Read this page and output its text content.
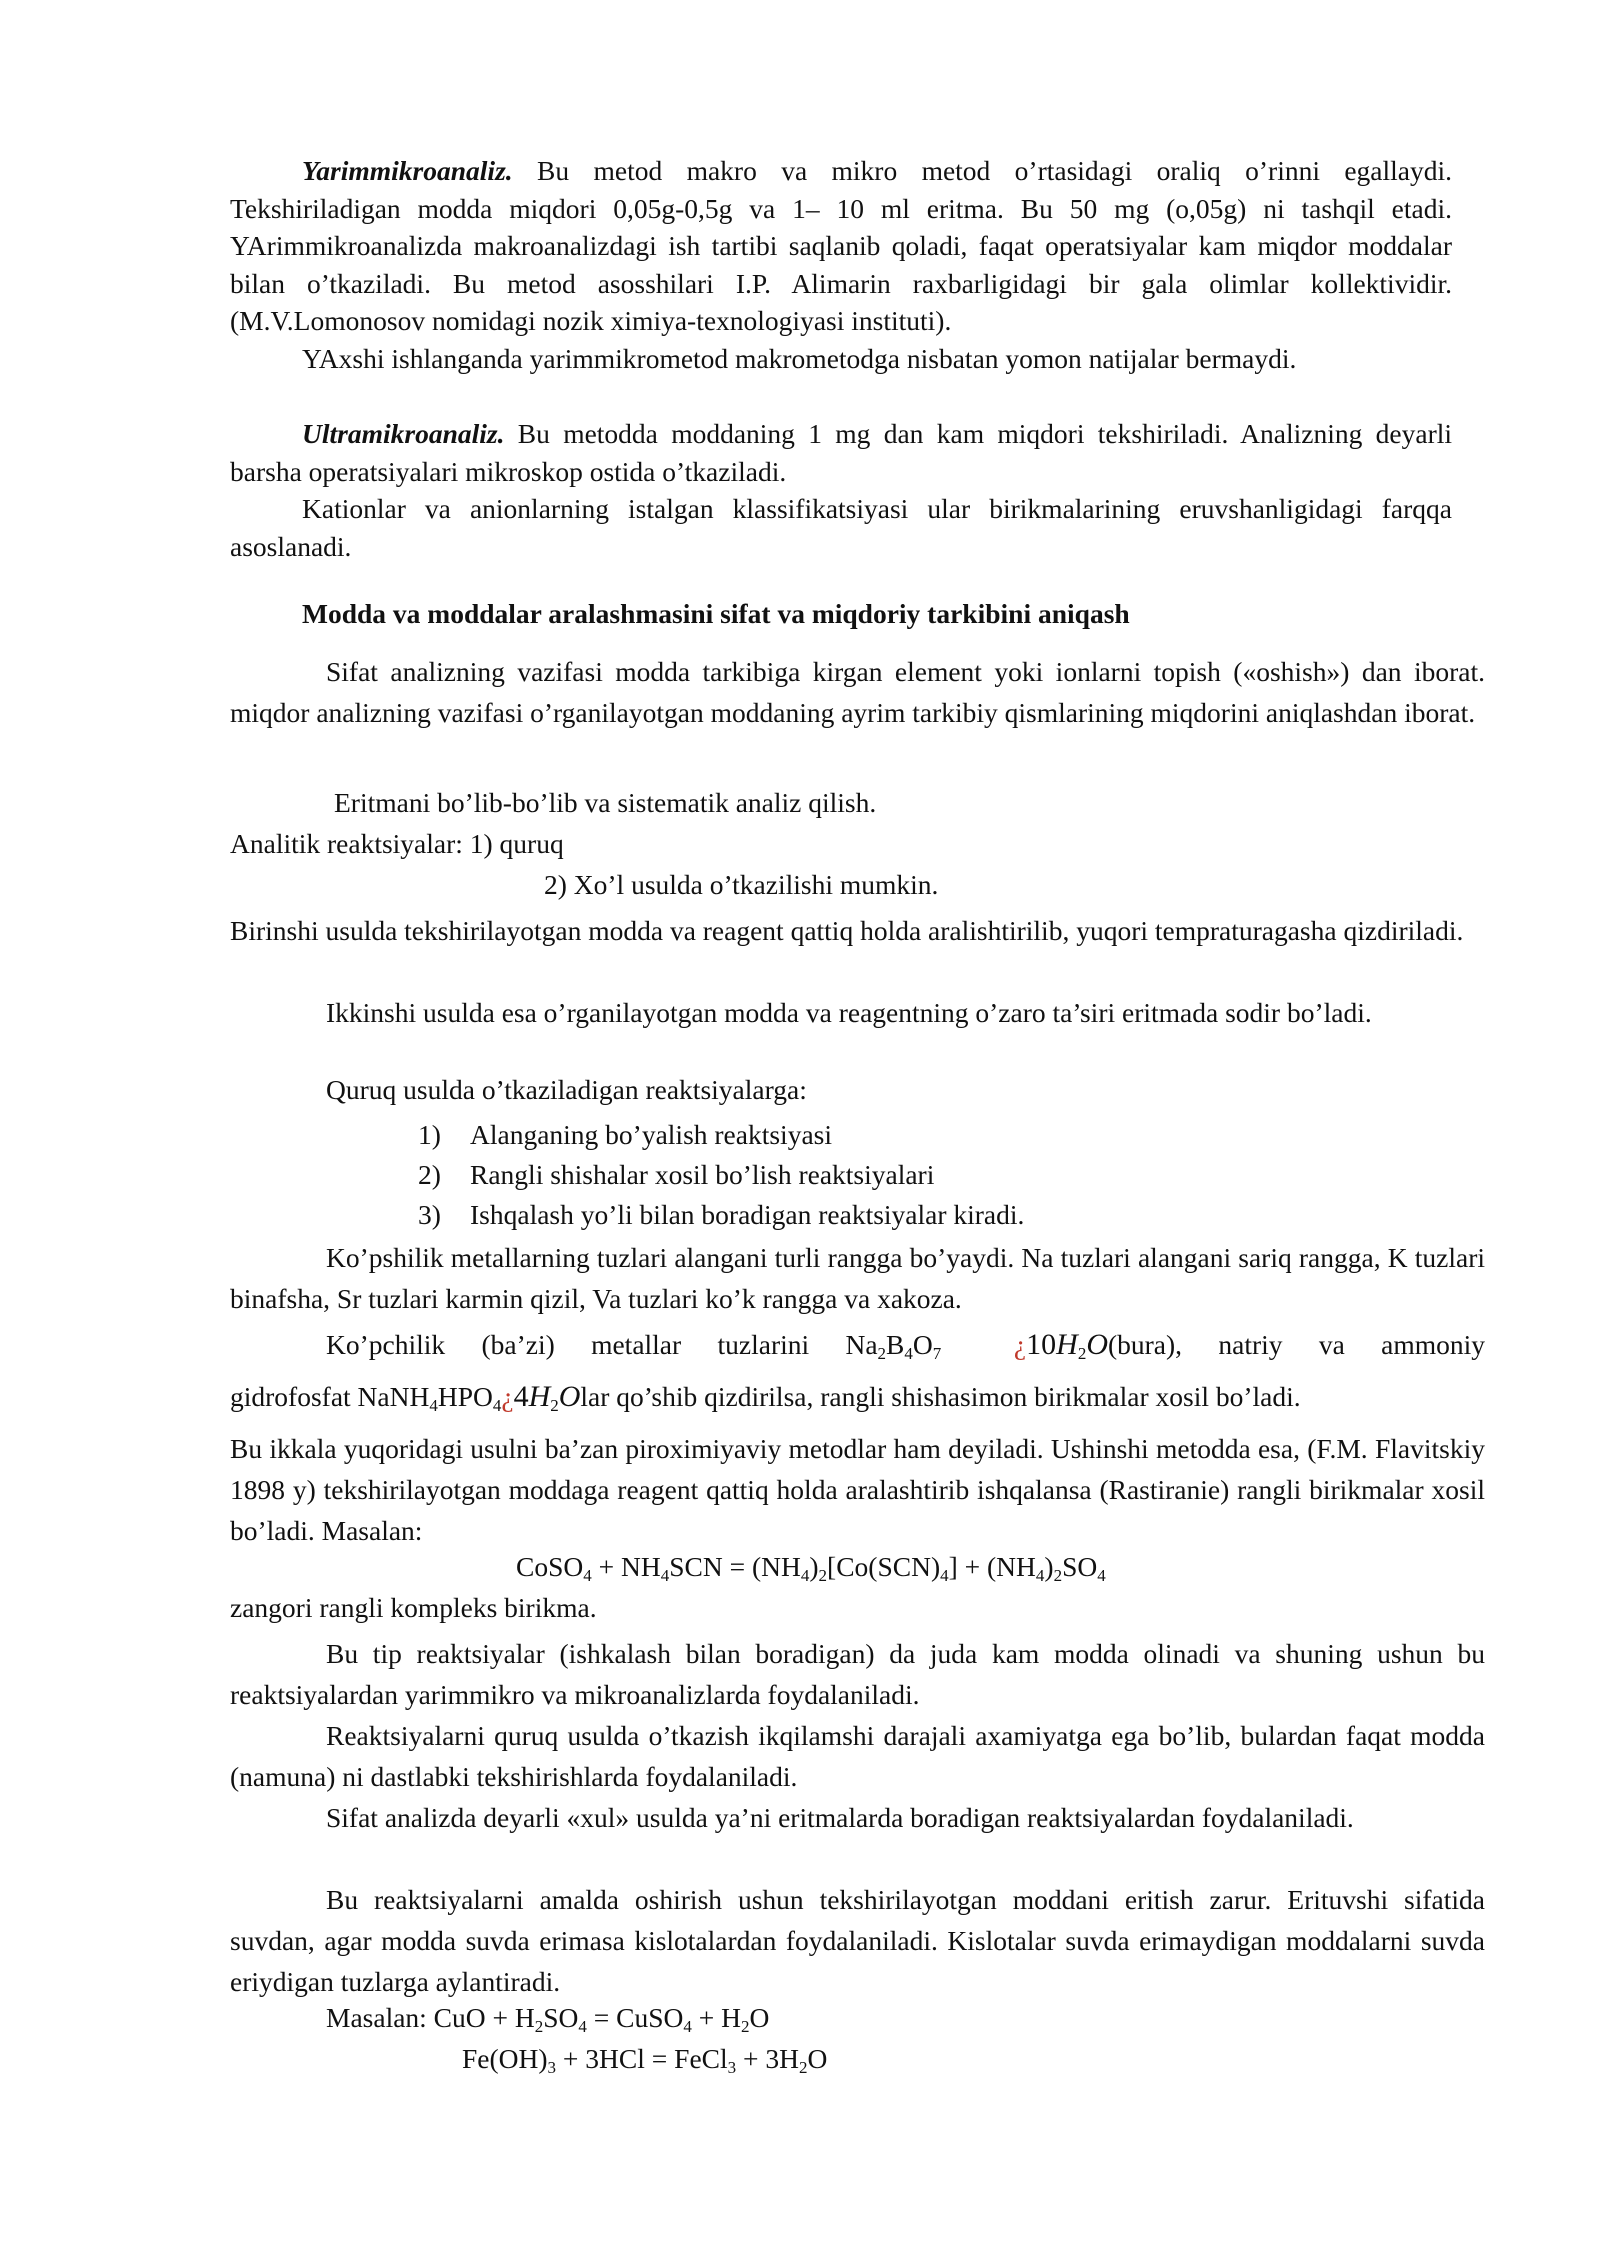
Yarimmikroanaliz. Bu metod makro va mikro metod o’rtasidagi oraliq o’rinni egallaydi. Tekshiriladigan modda miqdori 0,05g-0,5g va 1– 10 ml eritma. Bu 50 mg (o,05g) ni tashqil etadi. YArimmikroanalizda makroanalizdagi ish tartibi saqlanib qoladi, faqat operatsiyalar kam miqdor moddalar bilan o’tkaziladi. Bu metod asosshilari I.P. Alimarin raxbarligidagi bir gala olimlar kollektividir. (M.V.Lomonosov nomidagi nozik ximiya-texnologiyasi instituti).
YAxshi ishlanganda yarimmikrometod makrometodga nisbatan yomon natijalar bermaydi.
Ultramikroanaliz. Bu metodda moddaning 1 mg dan kam miqdori tekshiriladi. Analizning deyarli barsha operatsiyalari mikroskop ostida o’tkaziladi.
Kationlar va anionlarning istalgan klassifikatsiyasi ular birikmalarining eruvshanligidagi farqqa asoslanadi.
Modda va moddalar aralashmasini sifat va miqdoriy tarkibini aniqash
Sifat analizning vazifasi modda tarkibiga kirgan element yoki ionlarni topish («oshish») dan iborat. miqdor analizning vazifasi o’rganilayotgan moddaning ayrim tarkibiy qismlarining miqdorini aniqlashdan iborat.
Eritmani bo’lib-bo’lib va sistematik analiz qilish.
Analitik reaktsiyalar: 1) quruq
2) Xo’l usulda o’tkazilishi mumkin.
Birinshi usulda tekshirilayotgan modda va reagent qattiq holda aralishtirilib, yuqori tempraturagasha qizdiriladi.
Ikkinshi usulda esa o’rganilayotgan modda va reagentning o’zaro ta’siri eritmada sodir bo’ladi.
Quruq usulda o’tkaziladigan reaktsiyalarga:
1) Alanganing bo’yalish reaktsiyasi
2) Rangli shishalar xosil bo’lish reaktsiyalari
3) Ishqalash yo’li bilan boradigan reaktsiyalar kiradi.
Ko’pshilik metallarning tuzlari alangani turli rangga bo’yaydi. Na tuzlari alangani sariq rangga, K tuzlari binafsha, Sr tuzlari karmin qizil, Va tuzlari ko’k rangga va xakoza.
Ko’pchilik (ba’zi) metallar tuzlarini $Na_2B_4O_7$	¿$10H_2O(bura)$, natriy va ammoniy
gidrofosfat $NaNH_4HPO_4¿4H_2Olar$ qo’shib qizdirilsa, rangli shishasimon birikmalar xosil bo’ladi.
Bu ikkala yuqoridagi usulni ba’zan piroximiyaviy metodlar ham deyiladi. Ushinshi metodda esa, (F.M. Flavitskiy 1898 y) tekshirilayotgan moddaga reagent qattiq holda aralashtirib ishqalansa (Rastiranie) rangli birikmalar xosil bo’ladi. Masalan:
CoSO$_4$ + $NH_4SCN = (NH_4)_2[Co(SCN)_4] + (NH_4)_2SO_4$
zangori rangli kompleks birikma.
Bu tip reaktsiyalar (ishkalash bilan boradigan) da juda kam modda olinadi va shuning ushun bu reaktsiyalardan yarimmikro va mikroanalizlarda foydalaniladi.
Reaktsiyalarni quruq usulda o’tkazish ikqilamshi darajali axamiyatga ega bo’lib, bulardan faqat modda (namuna) ni dastlabki tekshirishlarda foydalaniladi.
Sifat analizda deyarli «xul» usulda ya’ni eritmalarda boradigan reaktsiyalardan foydalaniladi.
Bu reaktsiyalarni amalda oshirish ushun tekshirilayotgan moddani eritish zarur. Erituvshi sifatida suvdan, agar modda suvda erimasa kislotalardan foydalaniladi. Kislotalar suvda erimaydigan moddalarni suvda eriydigan tuzlarga aylantiradi.
Masalan: CuO + $H_2SO_4$ = CuSO$_4$ + $H_2O$
$Fe(OH)_3 + 3HCl$ = FeCl$_3$ + $3H_2O$
